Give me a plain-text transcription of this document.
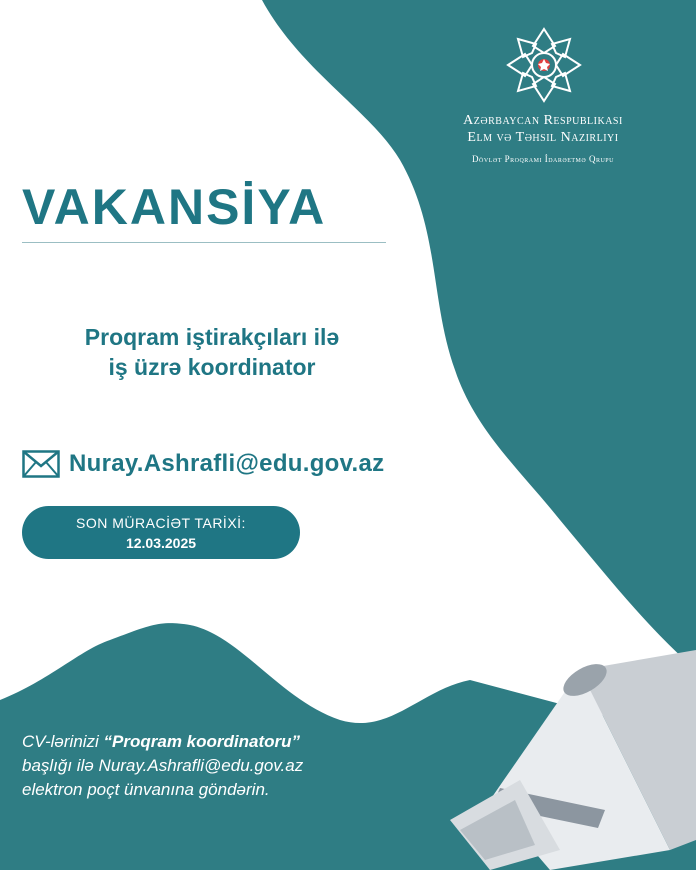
Azərbaycan Respublikası
Elm və Təhsil Nazirliyi
Dövlət Proqramı İdarəetmə Qrupu
VAKANSİYA
Proqram iştirakçıları ilə
iş üzrə koordinator
Nuray.Ashrafli@edu.gov.az
SON MÜRACİƏT TARİXİ:
12.03.2025
CV-lərinizi “Proqram koordinatoru”
başlığı ilə Nuray.Ashrafli@edu.gov.az
elektron poçt ünvanına göndərin.
